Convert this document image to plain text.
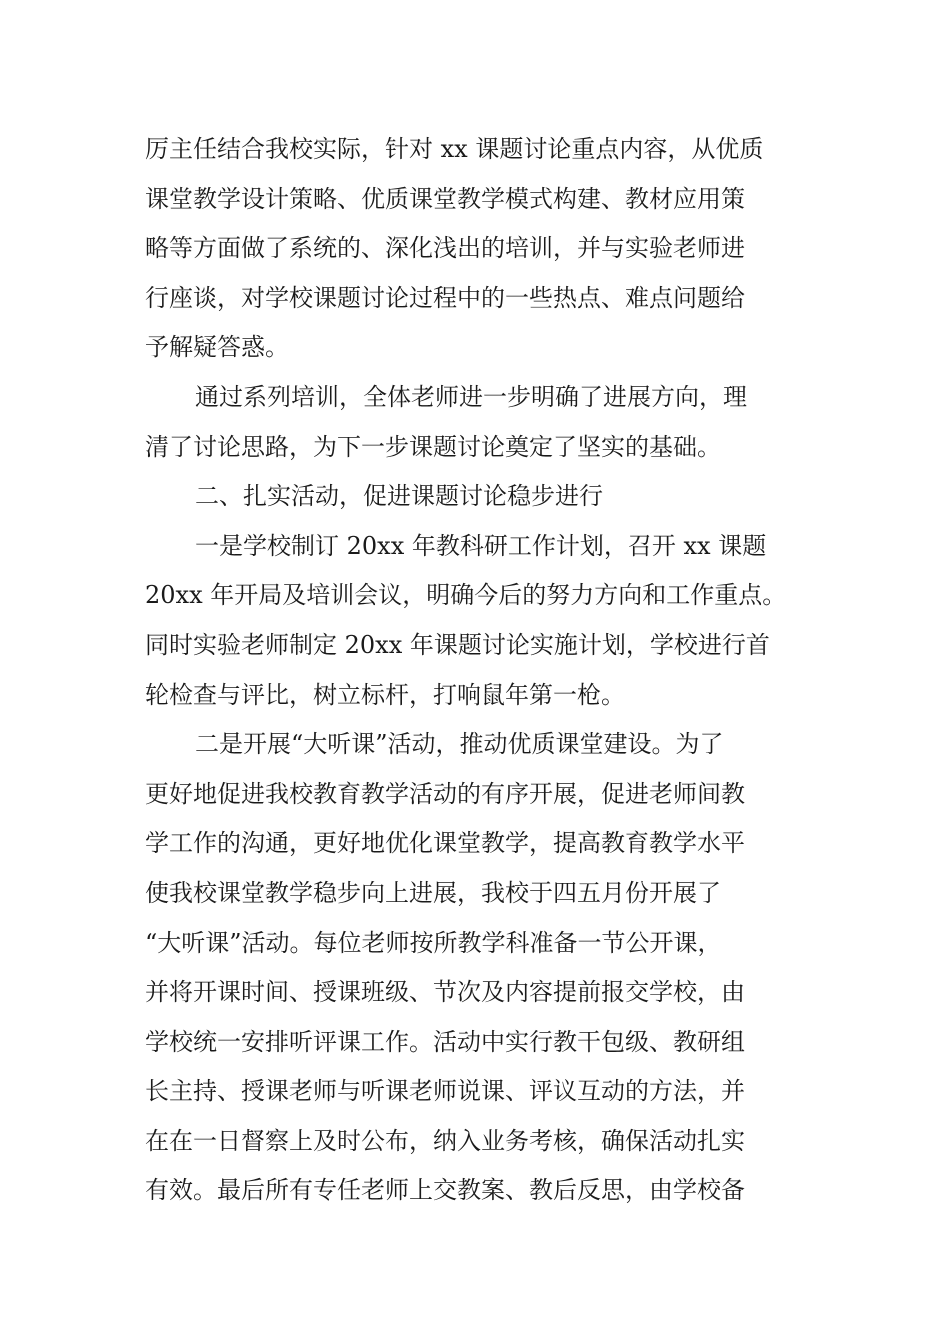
厉主任结合我校实际，针对 xx 课题讨论重点内容，从优质
课堂教学设计策略、优质课堂教学模式构建、教材应用策
略等方面做了系统的、深化浅出的培训，并与实验老师进
行座谈，对学校课题讨论过程中的一些热点、难点问题给
予解疑答惑。
通过系列培训，全体老师进一步明确了进展方向，理
清了讨论思路，为下一步课题讨论奠定了坚实的基础。
二、扎实活动，促进课题讨论稳步进行
一是学校制订 20xx 年教科研工作计划，召开 xx 课题
20xx 年开局及培训会议，明确今后的努力方向和工作重点。
同时实验老师制定 20xx 年课题讨论实施计划，学校进行首
轮检查与评比，树立标杆，打响鼠年第一枪。
二是开展“大听课”活动，推动优质课堂建设。为了
更好地促进我校教育教学活动的有序开展，促进老师间教
学工作的沟通，更好地优化课堂教学，提高教育教学水平
使我校课堂教学稳步向上进展，我校于四五月份开展了
“大听课”活动。每位老师按所教学科准备一节公开课，
并将开课时间、授课班级、节次及内容提前报交学校，由
学校统一安排听评课工作。活动中实行教干包级、教研组
长主持、授课老师与听课老师说课、评议互动的方法，并
在在一日督察上及时公布，纳入业务考核，确保活动扎实
有效。最后所有专任老师上交教案、教后反思，由学校备
